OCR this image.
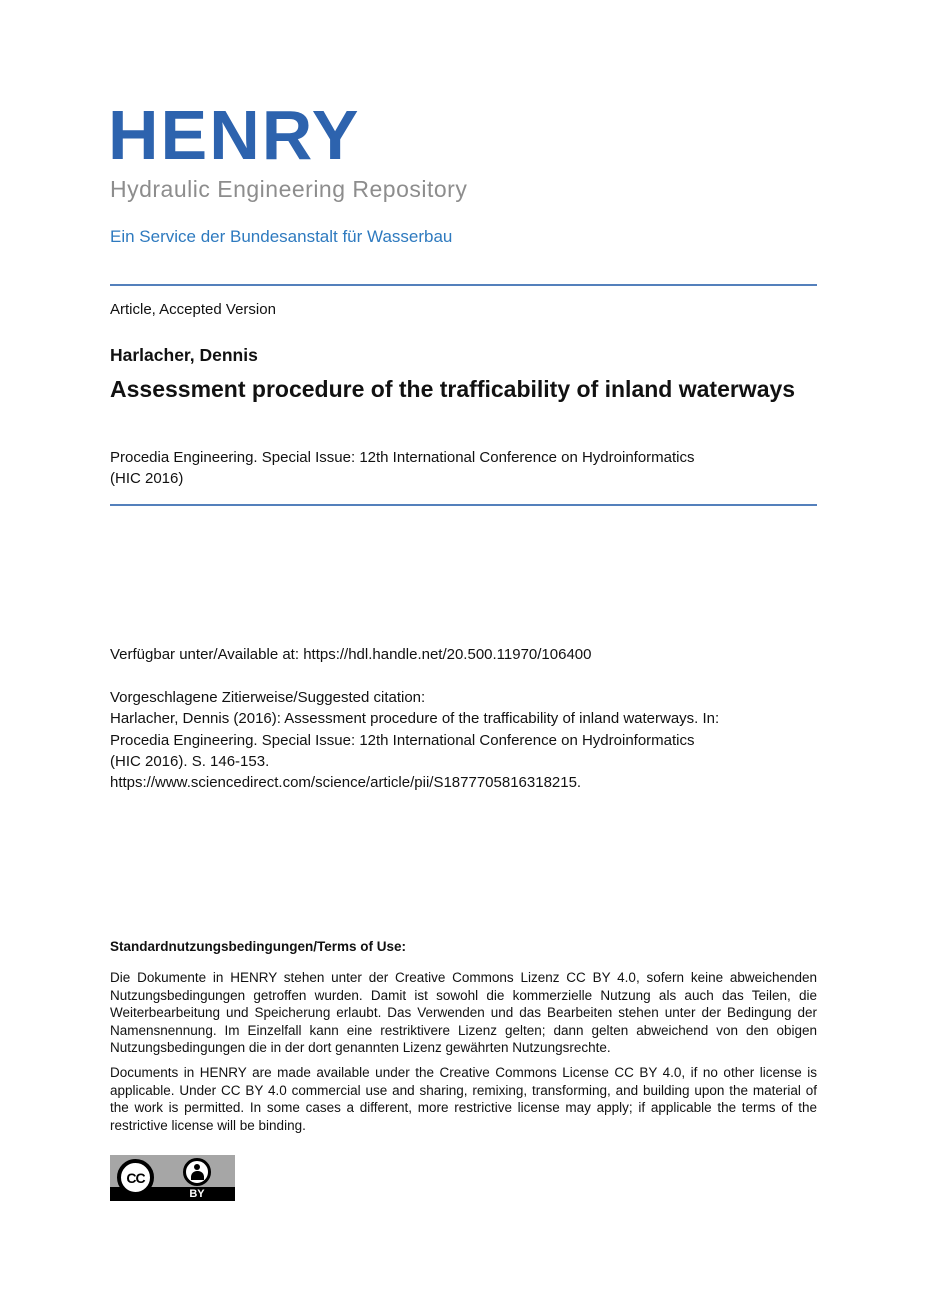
HENRY
Hydraulic Engineering Repository
Ein Service der Bundesanstalt für Wasserbau
Article, Accepted Version
Harlacher, Dennis
Assessment procedure of the trafficability of inland waterways
Procedia Engineering. Special Issue: 12th International Conference on Hydroinformatics
(HIC 2016)
Verfügbar unter/Available at: https://hdl.handle.net/20.500.11970/106400
Vorgeschlagene Zitierweise/Suggested citation:
Harlacher, Dennis (2016): Assessment procedure of the trafficability of inland waterways. In:
Procedia Engineering. Special Issue: 12th International Conference on Hydroinformatics
(HIC 2016). S. 146-153.
https://www.sciencedirect.com/science/article/pii/S1877705816318215.
Standardnutzungsbedingungen/Terms of Use:
Die Dokumente in HENRY stehen unter der Creative Commons Lizenz CC BY 4.0, sofern keine abweichenden Nutzungsbedingungen getroffen wurden. Damit ist sowohl die kommerzielle Nutzung als auch das Teilen, die Weiterbearbeitung und Speicherung erlaubt. Das Verwenden und das Bearbeiten stehen unter der Bedingung der Namensnennung. Im Einzelfall kann eine restriktivere Lizenz gelten; dann gelten abweichend von den obigen Nutzungsbedingungen die in der dort genannten Lizenz gewährten Nutzungsrechte.
Documents in HENRY are made available under the Creative Commons License CC BY 4.0, if no other license is applicable. Under CC BY 4.0 commercial use and sharing, remixing, transforming, and building upon the material of the work is permitted. In some cases a different, more restrictive license may apply; if applicable the terms of the restrictive license will be binding.
CC
BY
